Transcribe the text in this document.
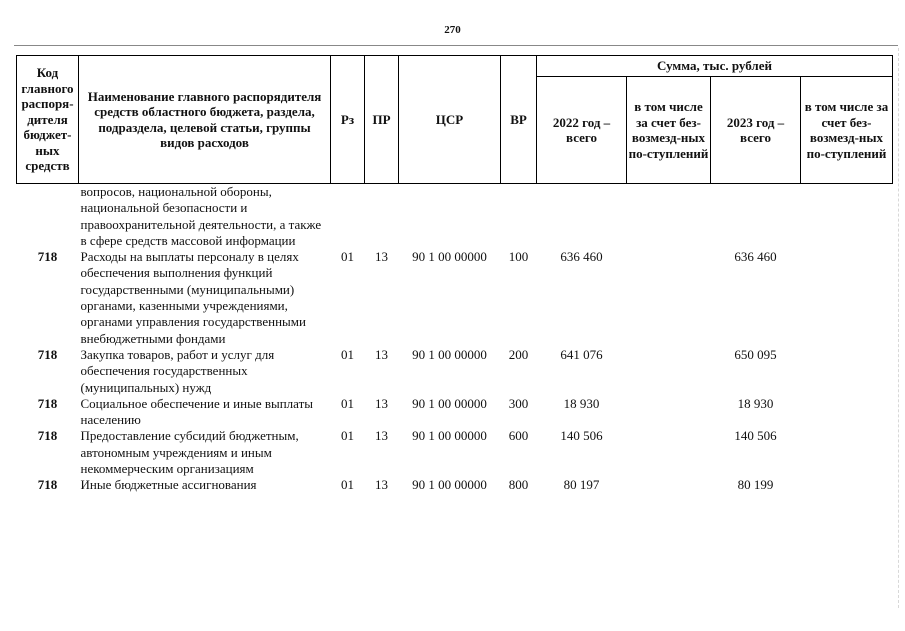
270
Код главного распоря-дителя бюджет-ных средств	Наименование главного распорядителя средств областного бюджета, раздела, подраздела, целевой статьи, группы видов расходов	Рз	ПР	ЦСР	ВР	Сумма, тыс. рублей			
						2022 год – всего	в том числе за счет без-возмезд-ных по-ступлений	2023 год – всего	в том числе за счет без-возмезд-ных по-ступлений
	вопросов, национальной обороны, национальной безопасности и правоохранительной деятельности, а также в сфере средств массовой информации								
718	Расходы на выплаты персоналу в целях обеспечения выполнения функций государственными (муниципальными) органами, казенными учреждениями, органами управления государственными внебюджетными фондами	01	13	90 1 00 00000	100	636 460		636 460	
718	Закупка товаров, работ и услуг для обеспечения государственных (муниципальных) нужд	01	13	90 1 00 00000	200	641 076		650 095	
718	Социальное обеспечение и иные выплаты населению	01	13	90 1 00 00000	300	18 930		18 930	
718	Предоставление субсидий бюджетным, автономным учреждениям и иным некоммерческим организациям	01	13	90 1 00 00000	600	140 506		140 506	
718	Иные бюджетные ассигнования	01	13	90 1 00 00000	800	80 197		80 199	
